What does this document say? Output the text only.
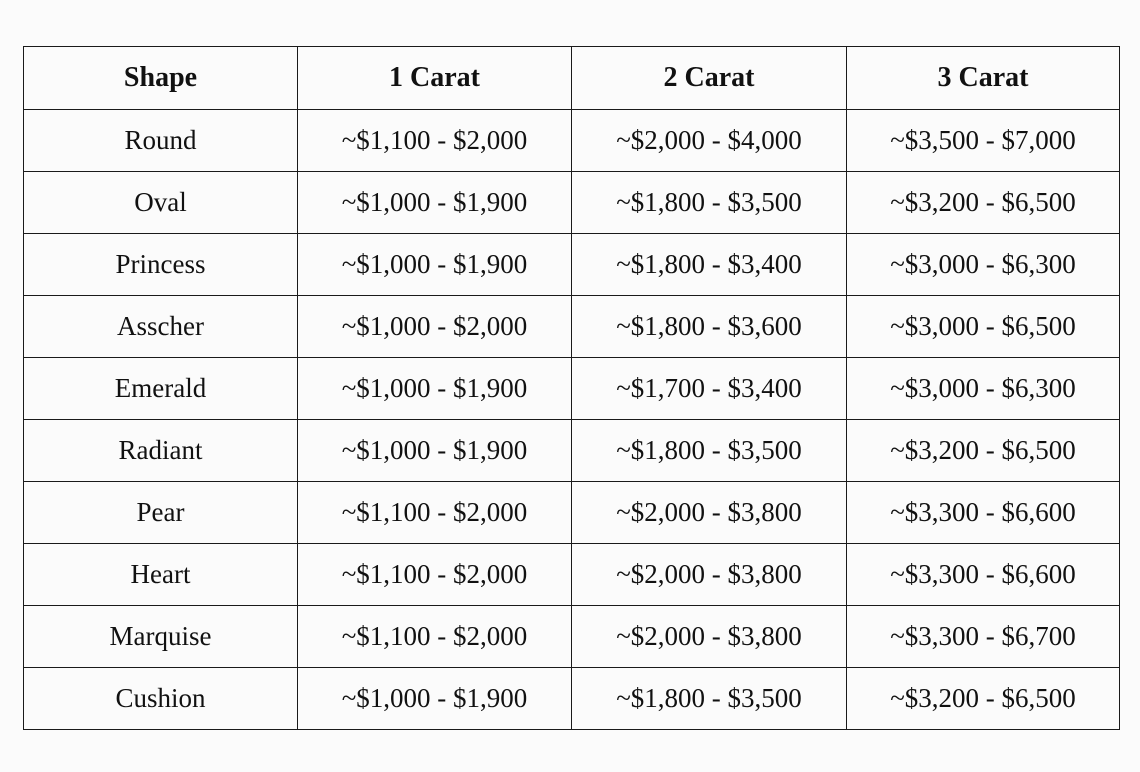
Shape	1 Carat	2 Carat	3 Carat
Round	~$1,100 - $2,000	~$2,000 - $4,000	~$3,500 - $7,000
Oval	~$1,000 - $1,900	~$1,800 - $3,500	~$3,200 - $6,500
Princess	~$1,000 - $1,900	~$1,800 - $3,400	~$3,000 - $6,300
Asscher	~$1,000 - $2,000	~$1,800 - $3,600	~$3,000 - $6,500
Emerald	~$1,000 - $1,900	~$1,700 - $3,400	~$3,000 - $6,300
Radiant	~$1,000 - $1,900	~$1,800 - $3,500	~$3,200 - $6,500
Pear	~$1,100 - $2,000	~$2,000 - $3,800	~$3,300 - $6,600
Heart	~$1,100 - $2,000	~$2,000 - $3,800	~$3,300 - $6,600
Marquise	~$1,100 - $2,000	~$2,000 - $3,800	~$3,300 - $6,700
Cushion	~$1,000 - $1,900	~$1,800 - $3,500	~$3,200 - $6,500
